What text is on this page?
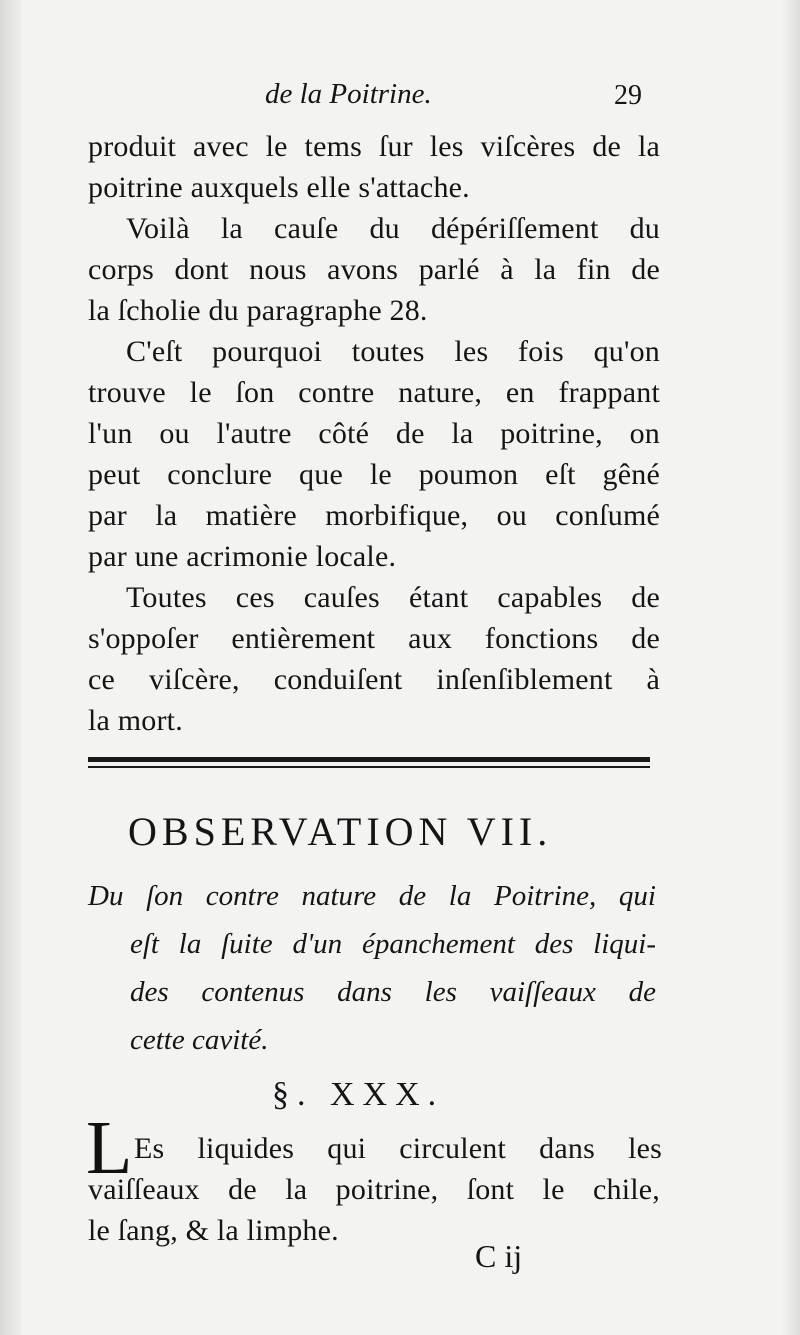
de la Poitrine.	29
produit avec le tems ſur les viſcères de la
poitrine auxquels elle s'attache.
Voilà la cauſe du dépériſſement du
corps dont nous avons parlé à la fin de
la ſcholie du paragraphe 28.
C'eſt pourquoi toutes les fois qu'on
trouve le ſon contre nature, en frappant
l'un ou l'autre côté de la poitrine, on
peut conclure que le poumon eſt gêné
par la matière morbifique, ou conſumé
par une acrimonie locale.
Toutes ces cauſes étant capables de
s'oppoſer entièrement aux fonctions de
ce viſcère, conduiſent inſenſiblement à
la mort.
OBSERVATION VII.
Du ſon contre nature de la Poitrine, qui
eſt la ſuite d'un épanchement des liqui-
des contenus dans les vaiſſeaux de
cette cavité.
§. XXX.
L Es liquides qui circulent dans les
vaiſſeaux de la poitrine, ſont le chile,
le ſang, & la limphe.
C ij
